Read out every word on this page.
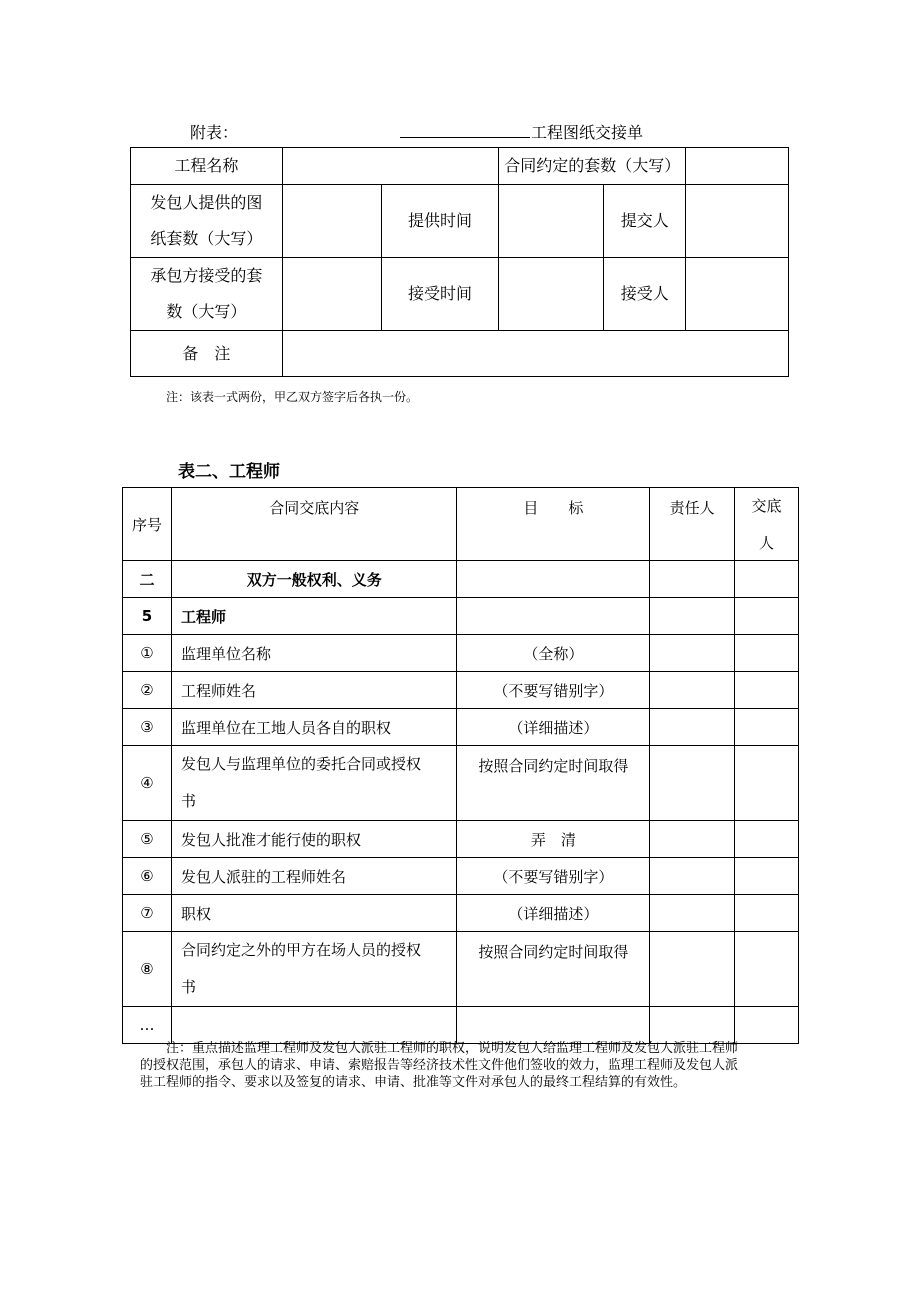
附表：	工程图纸交接单
工程名称			合同约定的套数（大写）		

发包人提供的图
纸套数（大写）		提供时间		提交人	

承包方接受的套
数（大写）		接受时间		接受人	
备　注					
注：该表一式两份，甲乙双方签字后各执一份。
表二、工程师
序号	合同交底内容	目　　标	责任人	交底
人

二	双方一般权利、义务			
5	工程师			
①	监理单位名称	（全称）		
②	工程师姓名	（不要写错别字）		
③	监理单位在工地人员各自的职权	（详细描述）		
④	发包人与监理单位的委托合同或授权
书	按照合同约定时间取得		
⑤	发包人批准才能行使的职权	弄　清		
⑥	发包人派驻的工程师姓名	（不要写错别字）		
⑦	职权	（详细描述）		
⑧	合同约定之外的甲方在场人员的授权
书	按照合同约定时间取得		
…				
注：重点描述监理工程师及发包人派驻工程师的职权，说明发包人给监理工程师及发包人派驻工程师
的授权范围，承包人的请求、申请、索赔报告等经济技术性文件他们签收的效力，监理工程师及发包人派
驻工程师的指令、要求以及签复的请求、申请、批准等文件对承包人的最终工程结算的有效性。
